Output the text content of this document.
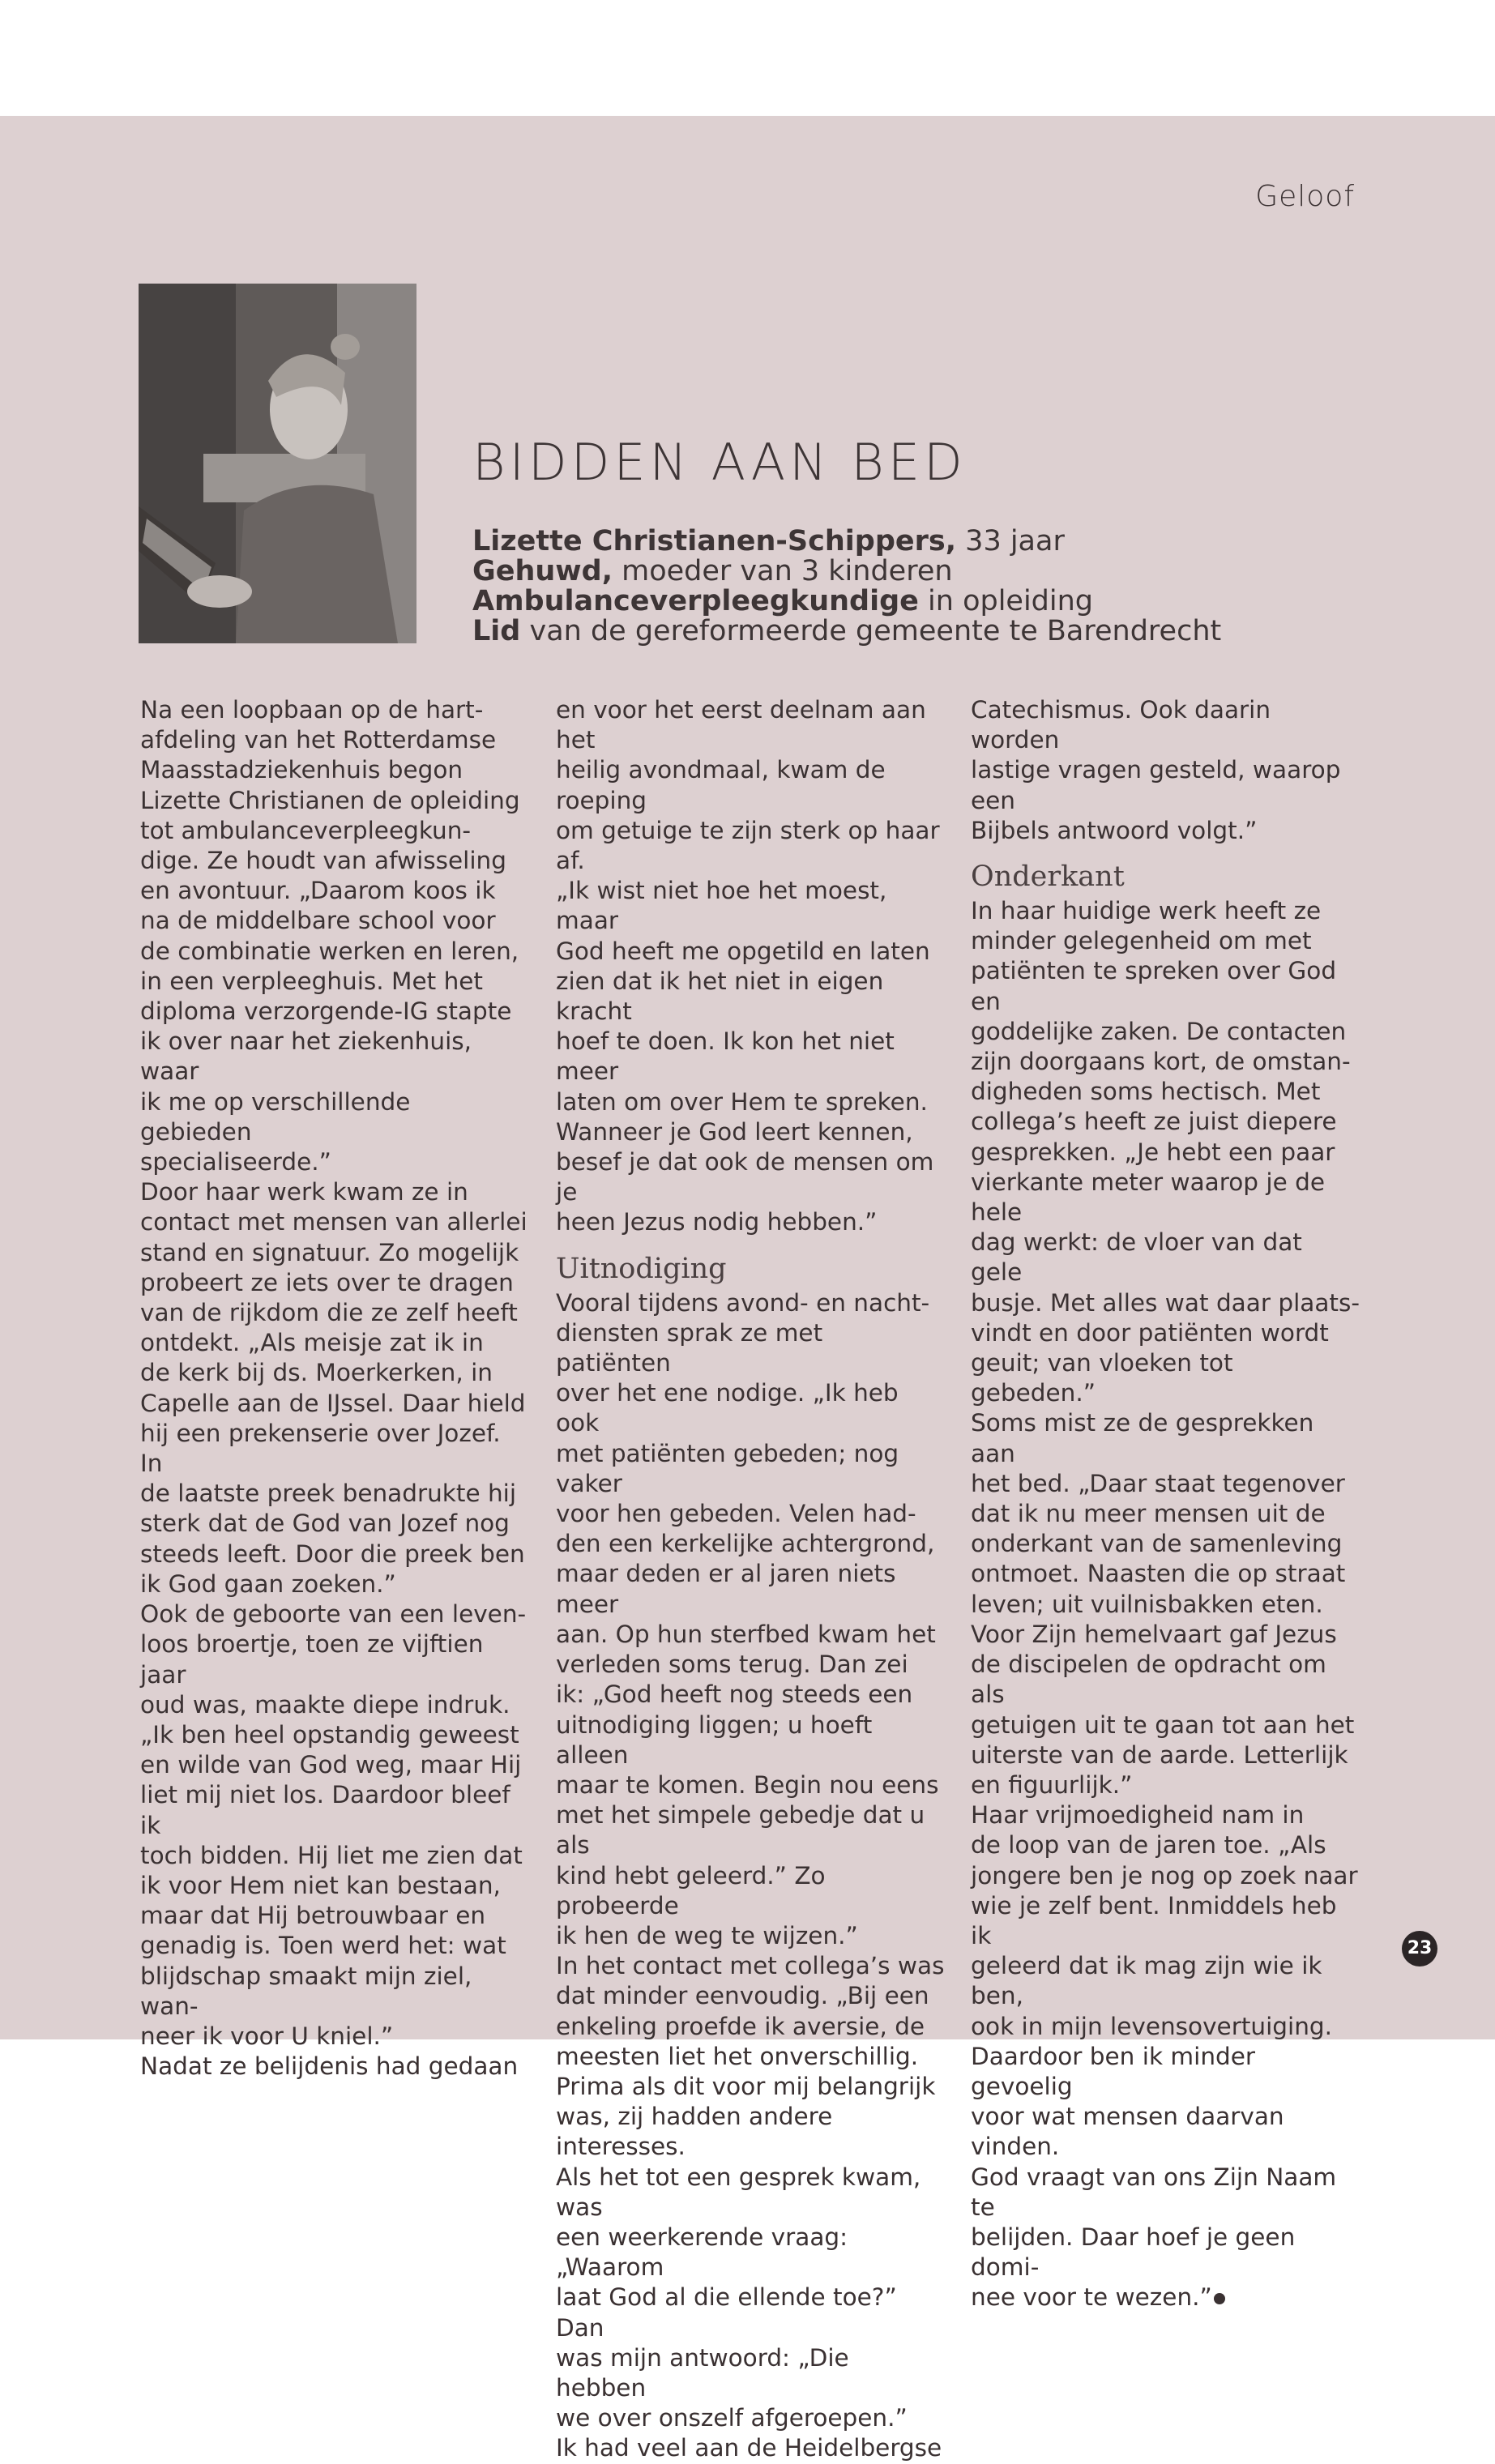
Geloof
BIDDEN AAN BED
Lizette Christianen-Schippers, 33 jaar
Gehuwd, moeder van 3 kinderen
Ambulanceverpleegkundige in opleiding
Lid van de gereformeerde gemeente te Barendrecht

Na een loopbaan op de hart-

afdeling van het Rotterdamse

Maasstadziekenhuis begon

Lizette Christianen de opleiding

tot ambulanceverpleegkun-

dige. Ze houdt van afwisseling

en avontuur. „Daarom koos ik

na de middelbare school voor

de combinatie werken en leren,

in een verpleeghuis. Met het

diploma verzorgende-IG stapte

ik over naar het ziekenhuis, waar

ik me op verschillende gebieden

specialiseerde.”

Door haar werk kwam ze in

contact met mensen van allerlei

stand en signatuur. Zo mogelijk

probeert ze iets over te dragen

van de rijkdom die ze zelf heeft

ontdekt. „Als meisje zat ik in

de kerk bij ds. Moerkerken, in

Capelle aan de IJssel. Daar hield

hij een prekenserie over Jozef. In

de laatste preek benadrukte hij

sterk dat de God van Jozef nog

steeds leeft. Door die preek ben

ik God gaan zoeken.”

Ook de geboorte van een leven-

loos broertje, toen ze vijftien jaar

oud was, maakte diepe indruk.

„Ik ben heel opstandig geweest

en wilde van God weg, maar Hij

liet mij niet los. Daardoor bleef ik

toch bidden. Hij liet me zien dat

ik voor Hem niet kan bestaan,

maar dat Hij betrouwbaar en

genadig is. Toen werd het: wat

blijdschap smaakt mijn ziel, wan-

neer ik voor U kniel.”

Nadat ze belijdenis had gedaan

en voor het eerst deelnam aan het

heilig avondmaal, kwam de roeping

om getuige te zijn sterk op haar af.

„Ik wist niet hoe het moest, maar

God heeft me opgetild en laten

zien dat ik het niet in eigen kracht

hoef te doen. Ik kon het niet meer

laten om over Hem te spreken.

Wanneer je God leert kennen,

besef je dat ook de mensen om je

heen Jezus nodig hebben.”

Uitnodiging

Vooral tijdens avond- en nacht-

diensten sprak ze met patiënten

over het ene nodige. „Ik heb ook

met patiënten gebeden; nog vaker

voor hen gebeden. Velen had-

den een kerkelijke achtergrond,

maar deden er al jaren niets meer

aan. Op hun sterfbed kwam het

verleden soms terug. Dan zei

ik: „God heeft nog steeds een

uitnodiging liggen; u hoeft alleen

maar te komen. Begin nou eens

met het simpele gebedje dat u als

kind hebt geleerd.” Zo probeerde

ik hen de weg te wijzen.”

In het contact met collega’s was

dat minder eenvoudig. „Bij een

enkeling proefde ik aversie, de

meesten liet het onverschillig.

Prima als dit voor mij belangrijk

was, zij hadden andere interesses.

Als het tot een gesprek kwam, was

een weerkerende vraag: „Waarom

laat God al die ellende toe?” Dan

was mijn antwoord: „Die hebben

we over onszelf afgeroepen.”

Ik had veel aan de Heidelbergse

Catechismus. Ook daarin worden

lastige vragen gesteld, waarop een

Bijbels antwoord volgt.”

Onderkant

In haar huidige werk heeft ze

minder gelegenheid om met

patiënten te spreken over God en

goddelijke zaken. De contacten

zijn doorgaans kort, de omstan-

digheden soms hectisch. Met

collega’s heeft ze juist diepere

gesprekken. „Je hebt een paar

vierkante meter waarop je de hele

dag werkt: de vloer van dat gele

busje. Met alles wat daar plaats-

vindt en door patiënten wordt

geuit; van vloeken tot gebeden.”

Soms mist ze de gesprekken aan

het bed. „Daar staat tegenover

dat ik nu meer mensen uit de

onderkant van de samenleving

ontmoet. Naasten die op straat

leven; uit vuilnisbakken eten.

Voor Zijn hemelvaart gaf Jezus

de discipelen de opdracht om als

getuigen uit te gaan tot aan het

uiterste van de aarde. Letterlijk

en figuurlijk.”

Haar vrijmoedigheid nam in

de loop van de jaren toe. „Als

jongere ben je nog op zoek naar

wie je zelf bent. Inmiddels heb ik

geleerd dat ik mag zijn wie ik ben,

ook in mijn levensovertuiging.

Daardoor ben ik minder gevoelig

voor wat mensen daarvan vinden.

God vraagt van ons Zijn Naam te

belijden. Daar hoef je geen domi-

nee voor te wezen.”

23
